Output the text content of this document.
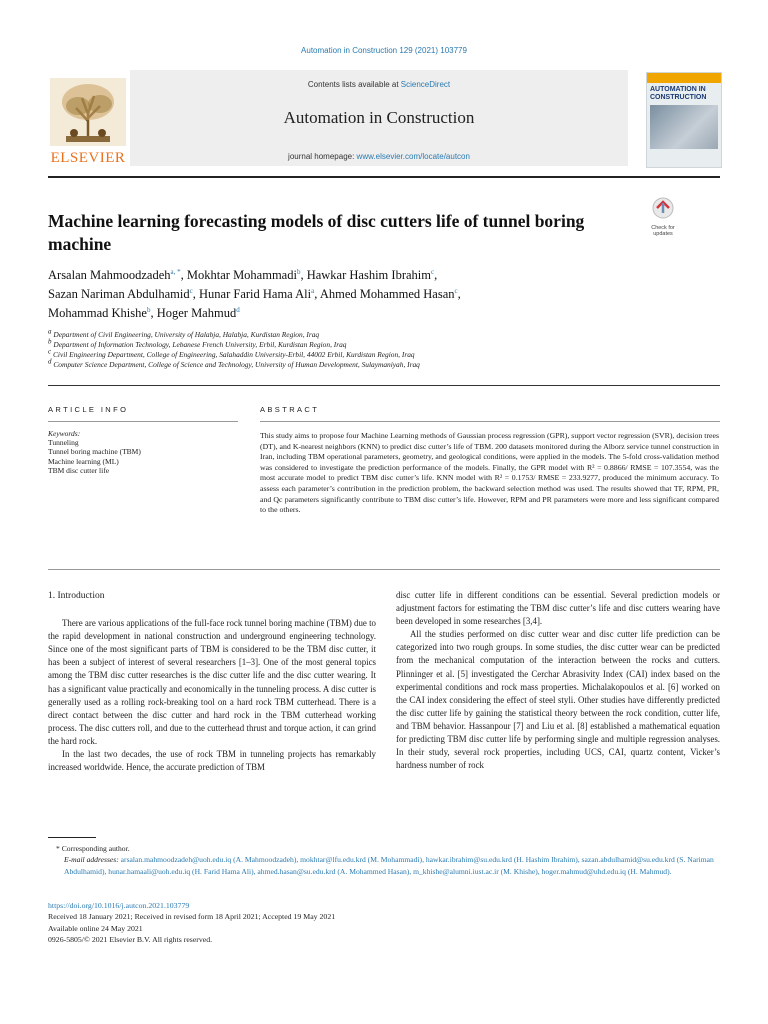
Automation in Construction 129 (2021) 103779
ELSEVIER
Contents lists available at ScienceDirect
Automation in Construction
journal homepage: www.elsevier.com/locate/autcon
AUTOMATION IN
CONSTRUCTION
Machine learning forecasting models of disc cutters life of tunnel boring machine
Check for
updates
Arsalan Mahmoodzadeh$^{a, *}$, Mokhtar Mohammadi$^b$, Hawkar Hashim Ibrahim$^c$,
Sazan Nariman Abdulhamid$^c$, Hunar Farid Hama Ali$^a$, Ahmed Mohammed Hasan$^c$,
Mohammad Khishe$^b$, Hoger Mahmud$^d$
$^a$ Department of Civil Engineering, University of Halabja, Halabja, Kurdistan Region, Iraq
$^b$ Department of Information Technology, Lebanese French University, Erbil, Kurdistan Region, Iraq
$^c$ Civil Engineering Department, College of Engineering, Salahaddin University-Erbil, 44002 Erbil, Kurdistan Region, Iraq
$^d$ Computer Science Department, College of Science and Technology, University of Human Development, Sulaymaniyah, Iraq
ARTICLE INFO	ABSTRACT
Keywords:
Tunneling
Tunnel boring machine (TBM)
Machine learning (ML)
TBM disc cutter life
This study aims to propose four Machine Learning methods of Gaussian process regression (GPR), support vector regression (SVR), decision trees (DT), and K-nearest neighbors (KNN) to predict disc cutter’s life of TBM. 200 datasets monitored during the Alborz service tunnel construction in Iran, including TBM operational parameters, geometry, and geological conditions, were applied in the models. The 5-fold cross-validation method was considered to investigate the prediction performance of the models. Finally, the GPR model with R² = 0.8866/ RMSE = 107.3554, was the most accurate model to predict TBM disc cutter’s life. KNN model with R² = 0.1753/ RMSE = 233.9277, produced the minimum accuracy. To assess each parameter’s contribution in the prediction problem, the backward selection method was used. The results showed that TF, RPM, PR, and Qc parameters significantly contribute to TBM disc cutter’s life. However, RPM and PR parameters were more and less significant compared to the others.
1. Introduction

There are various applications of the full-face rock tunnel boring machine (TBM) due to the rapid development in national construction and underground engineering technology. Since one of the most significant parts of TBM is considered to be the TBM disc cutter, it has been a subject of interest of several researchers [1–3]. One of the most general topics among the TBM disc cutter researches is the disc cutter life and the disc cutter wearing. It has a significant value practically and economically in the tunneling process. A disc cutter is generally used as a rolling rock-breaking tool on a hard rock TBM cutterhead. There is a direct contact between the disc cutter and hard rock in the TBM cutterhead working process. The disc cutters roll, and due to the cutterhead thrust and torque action, it can grind the hard rock.

In the last two decades, the use of rock TBM in tunneling projects has remarkably increased worldwide. Hence, the accurate prediction of TBM

disc cutter life in different conditions can be essential. Several prediction models or adjustment factors for estimating the TBM disc cutter’s life and disc cutters wearing have been developed in some researches [3,4].

All the studies performed on disc cutter wear and disc cutter life prediction can be categorized into two rough groups. In some studies, the disc cutter wear can be predicted from the mechanical computation of the interaction between the rocks and cutters. Plinninger et al. [5] investigated the Cerchar Abrasivity Index (CAI) index based on the experimental conditions and rock mass properties. Michalakopoulos et al. [6] worked on the CAI index considering the effect of steel styli. Other studies have differently predicted the disc cutter life by gaining the statistical theory between the rock condition, cutter life, and TBM behavior. Hassanpour [7] and Liu et al. [8] established a mathematical equation for predicting TBM disc cutter life by performing single and multiple regression analyses. In their study, several rock properties, including UCS, CAI, quartz content, Vicker’s hardness number of rock

* Corresponding author.
E-mail addresses: arsalan.mahmoodzadeh@uoh.edu.iq (A. Mahmoodzadeh), mokhtar@lfu.edu.krd (M. Mohammadi), hawkar.ibrahim@su.edu.krd (H. Hashim Ibrahim), sazan.abdulhamid@su.edu.krd (S. Nariman Abdulhamid), hunar.hamaali@uoh.edu.iq (H. Farid Hama Ali), ahmed.hasan@su.edu.krd (A. Mohammed Hasan), m_khishe@alumni.iust.ac.ir (M. Khishe), hoger.mahmud@uhd.edu.iq (H. Mahmud).
https://doi.org/10.1016/j.autcon.2021.103779
Received 18 January 2021; Received in revised form 18 April 2021; Accepted 19 May 2021
Available online 24 May 2021
0926-5805/© 2021 Elsevier B.V. All rights reserved.
